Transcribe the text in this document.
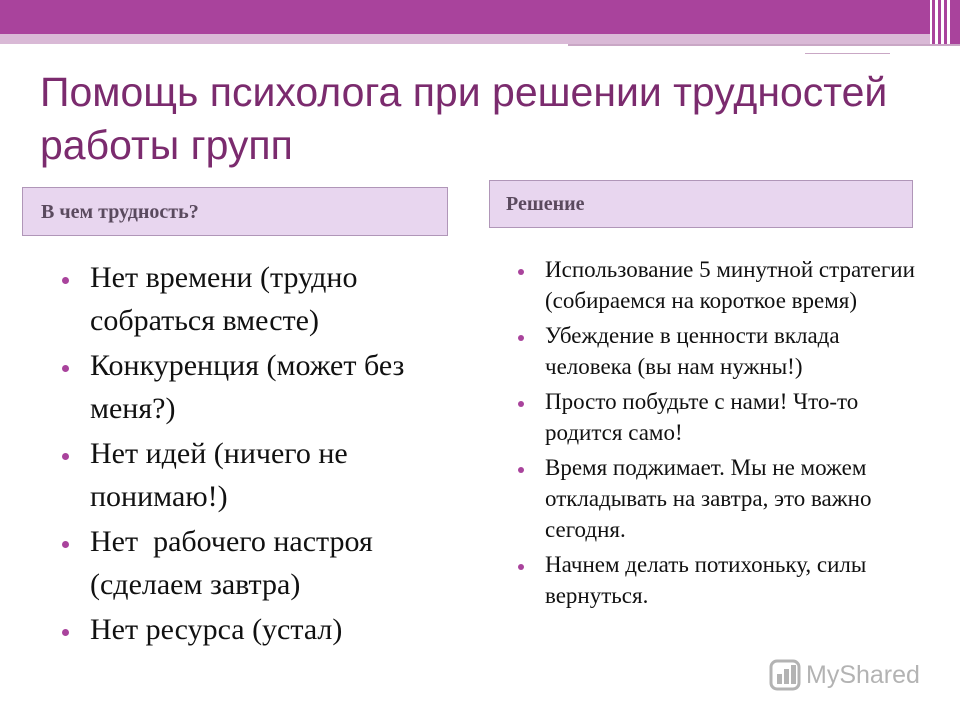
Помощь психолога при решении трудностей работы групп
В чем трудность?	Решение
Нет времени (трудно собраться вместе)
Конкуренция (может без меня?)
Нет идей (ничего не понимаю!)
Нет  рабочего настроя (сделаем завтра)
Нет ресурса (устал)
Использование 5 минутной стратегии (собираемся на короткое время)
Убеждение в ценности вклада человека (вы нам нужны!)
Просто побудьте с нами! Что-то родится само!
Время поджимает. Мы не можем откладывать на завтра, это важно сегодня.
Начнем делать потихоньку, силы вернуться.
MyShared
